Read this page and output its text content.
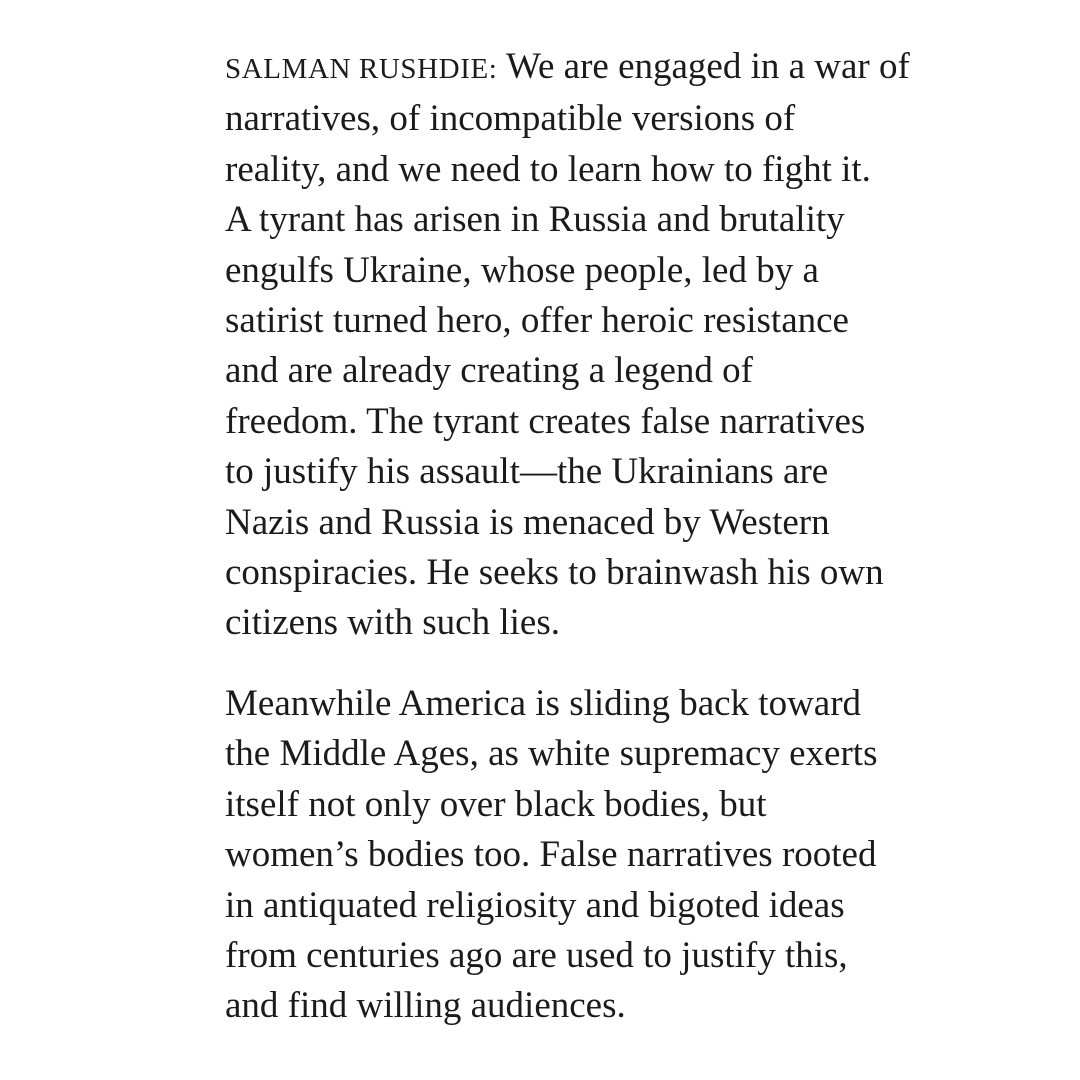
SALMAN RUSHDIE: We are engaged in a war of
narratives, of incompatible versions of
reality, and we need to learn how to fight it.
A tyrant has arisen in Russia and brutality
engulfs Ukraine, whose people, led by a
satirist turned hero, offer heroic resistance
and are already creating a legend of
freedom. The tyrant creates false narratives
to justify his assault—the Ukrainians are
Nazis and Russia is menaced by Western
conspiracies. He seeks to brainwash his own
citizens with such lies.

Meanwhile America is sliding back toward
the Middle Ages, as white supremacy exerts
itself not only over black bodies, but
women’s bodies too. False narratives rooted
in antiquated religiosity and bigoted ideas
from centuries ago are used to justify this,
and find willing audiences.
